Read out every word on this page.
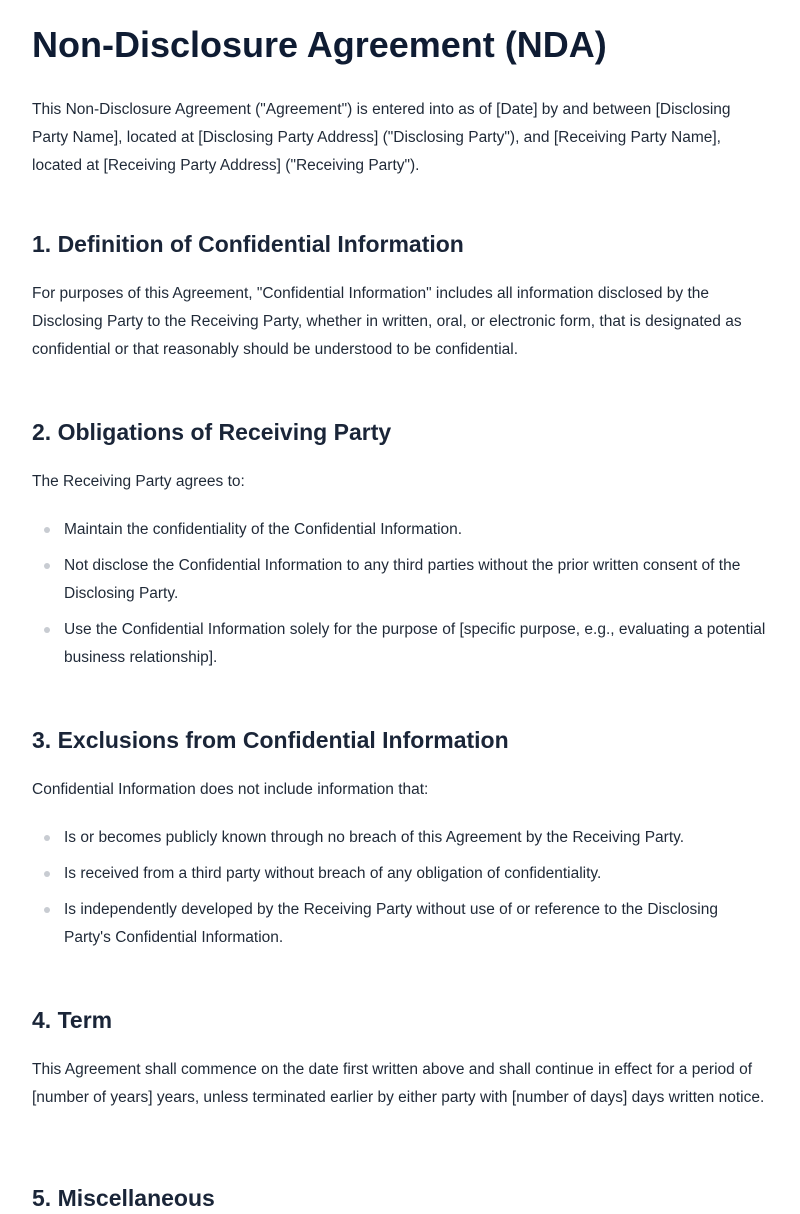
Non-Disclosure Agreement (NDA)

This Non-Disclosure Agreement ("Agreement") is entered into as of [Date] by and between [Disclosing Party Name], located at [Disclosing Party Address] ("Disclosing Party"), and [Receiving Party Name], located at [Receiving Party Address] ("Receiving Party").

1. Definition of Confidential Information

For purposes of this Agreement, "Confidential Information" includes all information disclosed by the Disclosing Party to the Receiving Party, whether in written, oral, or electronic form, that is designated as confidential or that reasonably should be understood to be confidential.

2. Obligations of Receiving Party

The Receiving Party agrees to:

Maintain the confidentiality of the Confidential Information.
Not disclose the Confidential Information to any third parties without the prior written consent of the Disclosing Party.
Use the Confidential Information solely for the purpose of [specific purpose, e.g., evaluating a potential business relationship].
3. Exclusions from Confidential Information

Confidential Information does not include information that:

Is or becomes publicly known through no breach of this Agreement by the Receiving Party.
Is received from a third party without breach of any obligation of confidentiality.
Is independently developed by the Receiving Party without use of or reference to the Disclosing Party's Confidential Information.
4. Term

This Agreement shall commence on the date first written above and shall continue in effect for a period of [number of years] years, unless terminated earlier by either party with [number of days] days written notice.

5. Miscellaneous
